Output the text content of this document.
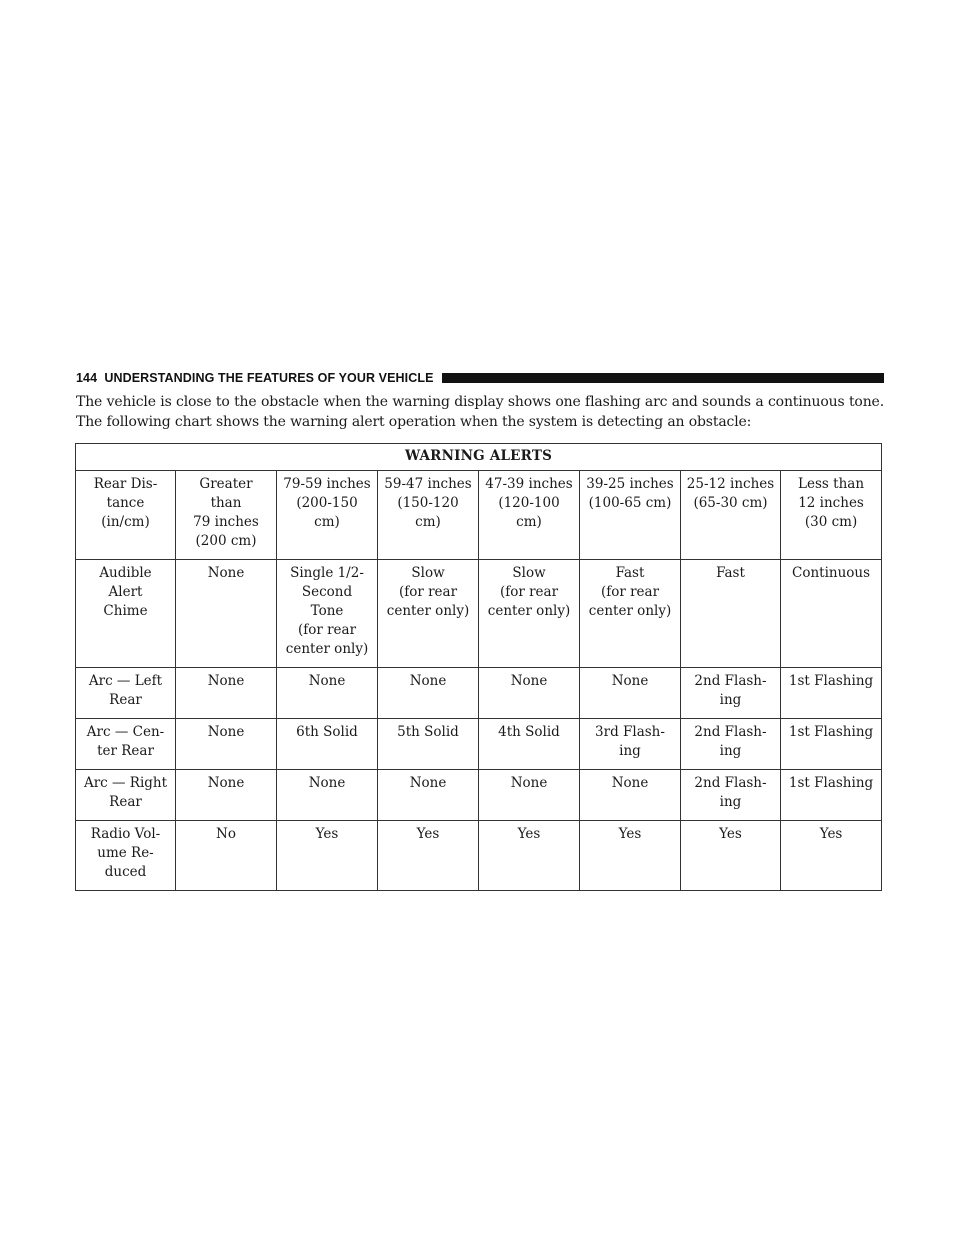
144 UNDERSTANDING THE FEATURES OF YOUR VEHICLE

The vehicle is close to the obstacle when the warning display shows one flashing arc and sounds a continuous tone. The following chart shows the warning alert operation when the system is detecting an obstacle:

WARNING ALERTS							

Rear Dis-
tance
(in/cm)	Greater
than
79 inches
(200 cm)	79-59 inches
(200-150
cm)	59-47 inches
(150-120
cm)	47-39 inches
(120-100
cm)	39-25 inches
(100-65 cm)	25-12 inches
(65-30 cm)	Less than
12 inches
(30 cm)

Audible
Alert
Chime	None	Single 1/2-
Second
Tone
(for rear
center only)	Slow
(for rear
center only)	Slow
(for rear
center only)	Fast
(for rear
center only)	Fast	Continuous

Arc — Left
Rear	None	None	None	None	None	2nd Flash-
ing	1st Flashing

Arc — Cen-
ter Rear	None	6th Solid	5th Solid	4th Solid	3rd Flash-
ing	2nd Flash-
ing	1st Flashing

Arc — Right
Rear	None	None	None	None	None	2nd Flash-
ing	1st Flashing

Radio Vol-
ume Re-
duced	No	Yes	Yes	Yes	Yes	Yes	Yes
